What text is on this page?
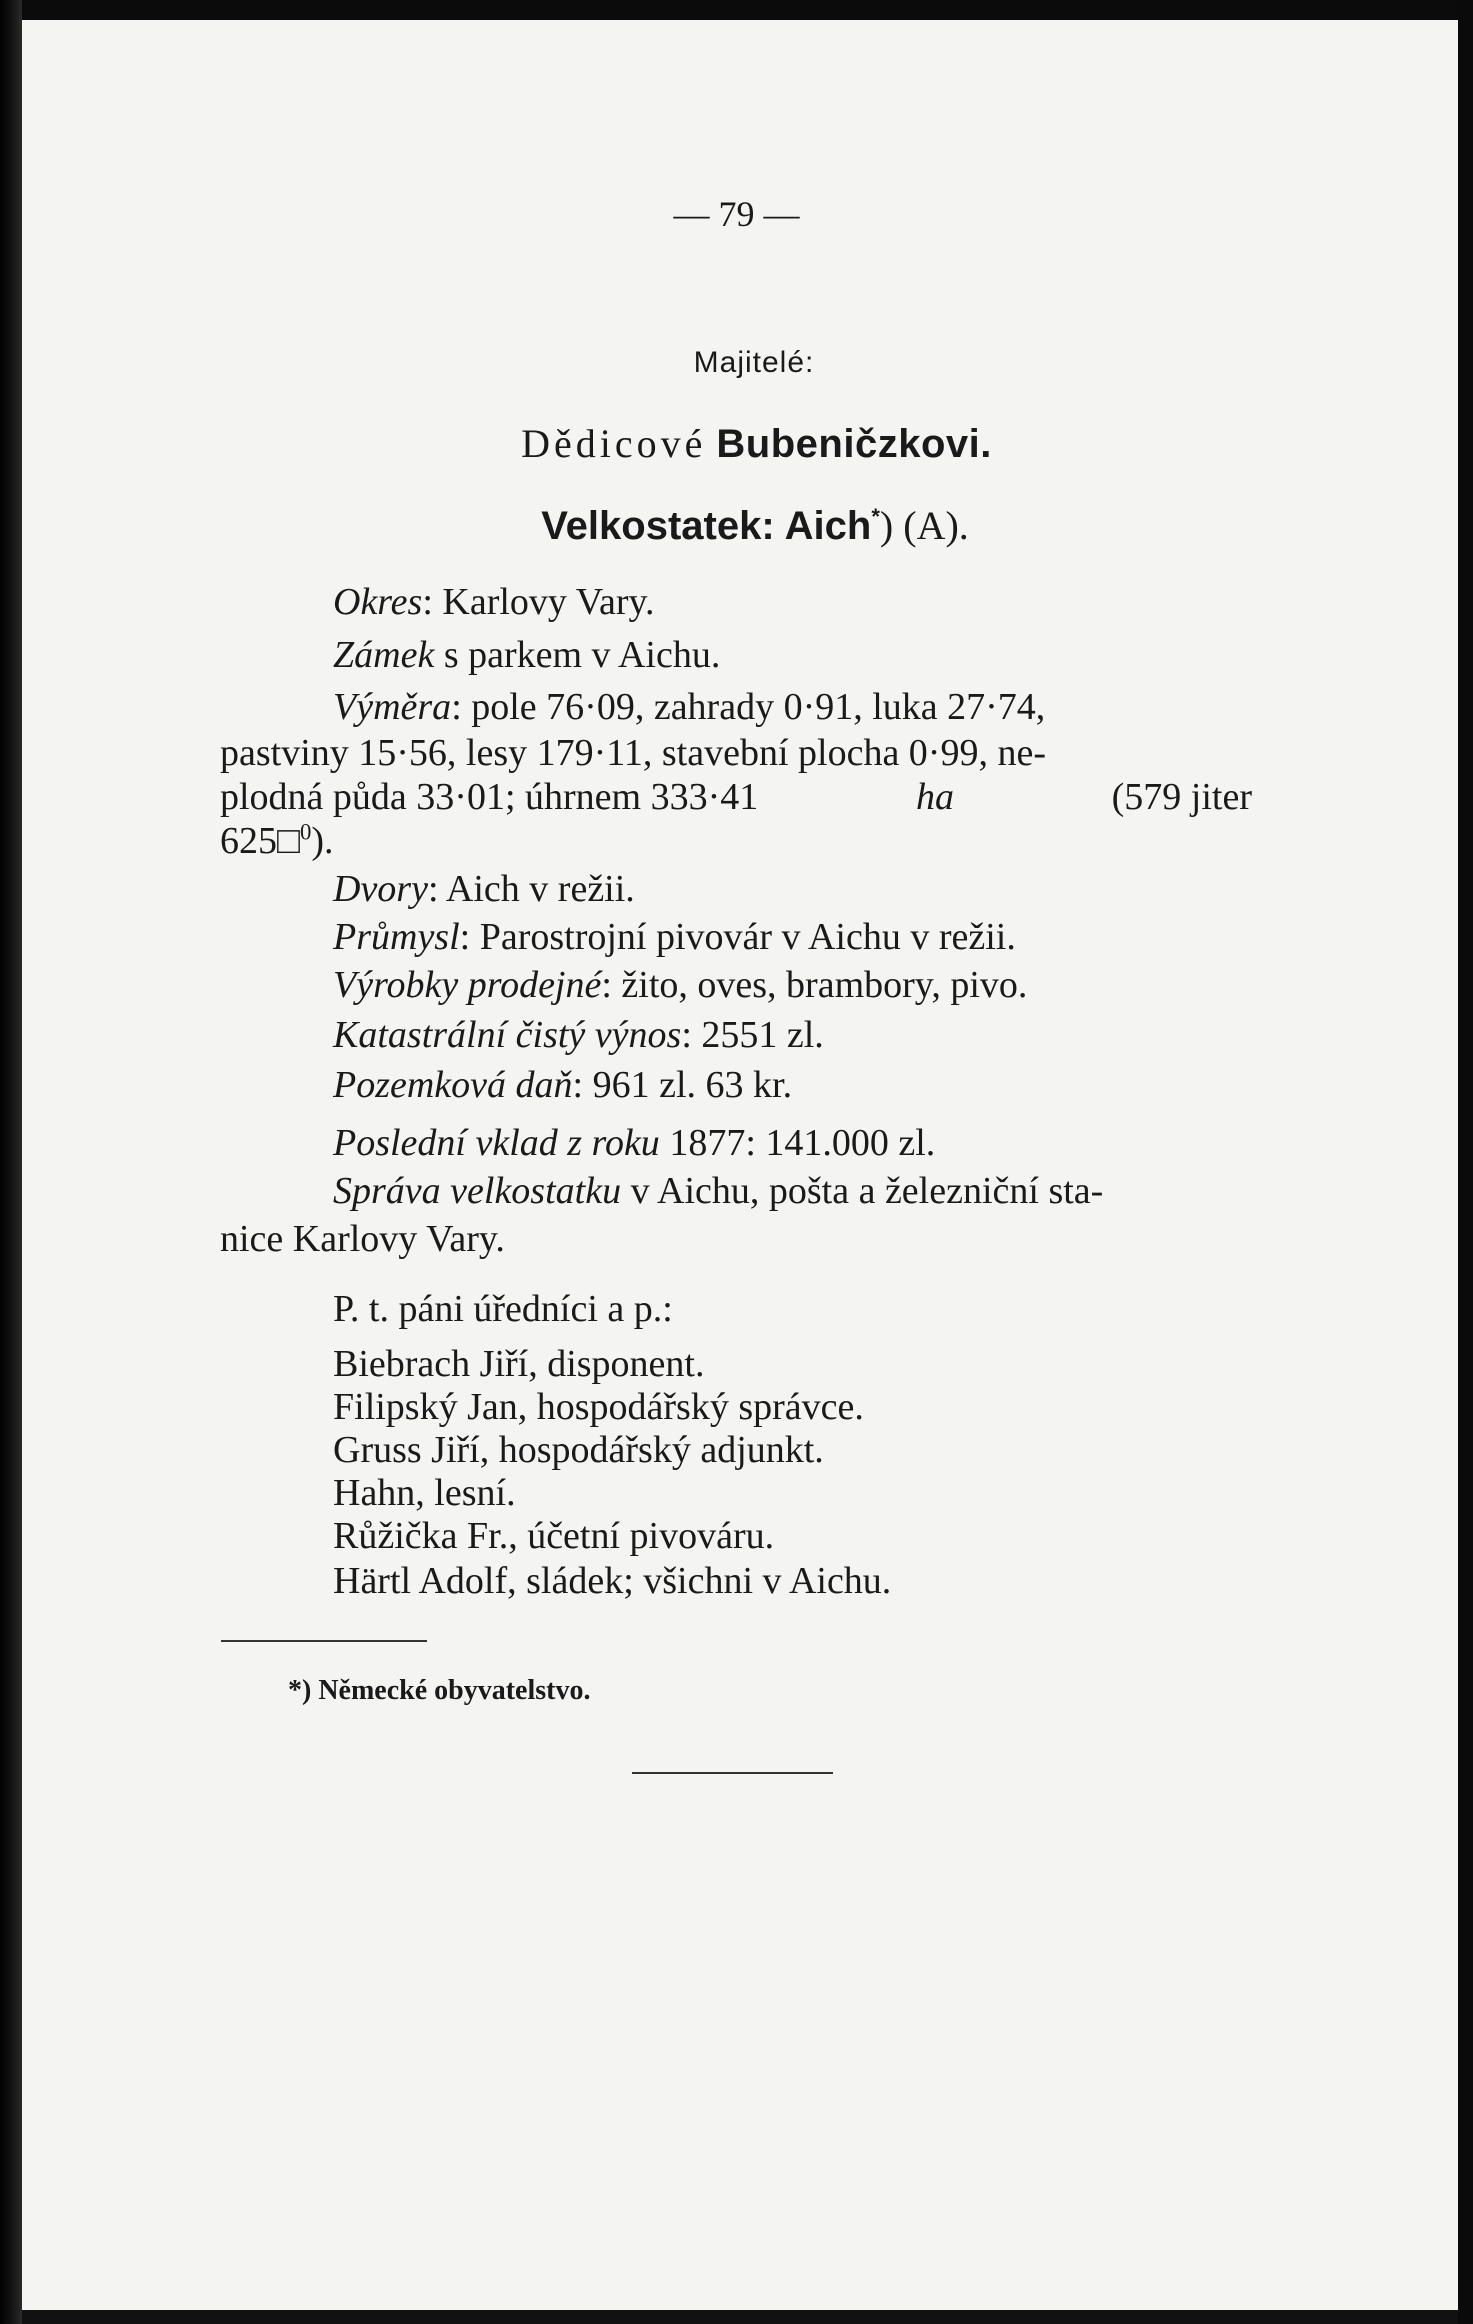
— 79 —
Majitelé:
Dědicové Bubeničzkovi.
Velkostatek: Aich*) (A).
Okres: Karlovy Vary.
Zámek s parkem v Aichu.
Výměra: pole 76·09, zahrady 0·91, luka 27·74,
pastviny 15·56, lesy 179·11, stavební plocha 0·99, ne-
plodná půda 33·01; úhrnem 333·41	ha	(579 jiter
625□$^0$).
Dvory: Aich v režii.
Průmysl: Parostrojní pivovár v Aichu v režii.
Výrobky prodejné: žito, oves, brambory, pivo.
Katastrální čistý výnos: 2551 zl.
Pozemková daň: 961 zl. 63 kr.
Poslední vklad z roku 1877: 141.000 zl.
Správa velkostatku v Aichu, pošta a železniční sta-
nice Karlovy Vary.
P. t. páni úředníci a p.:
Biebrach Jiří, disponent.
Filipský Jan, hospodářský správce.
Gruss Jiří, hospodářský adjunkt.
Hahn, lesní.
Růžička Fr., účetní pivováru.
Härtl Adolf, sládek; všichni v Aichu.
*) Německé obyvatelstvo.
